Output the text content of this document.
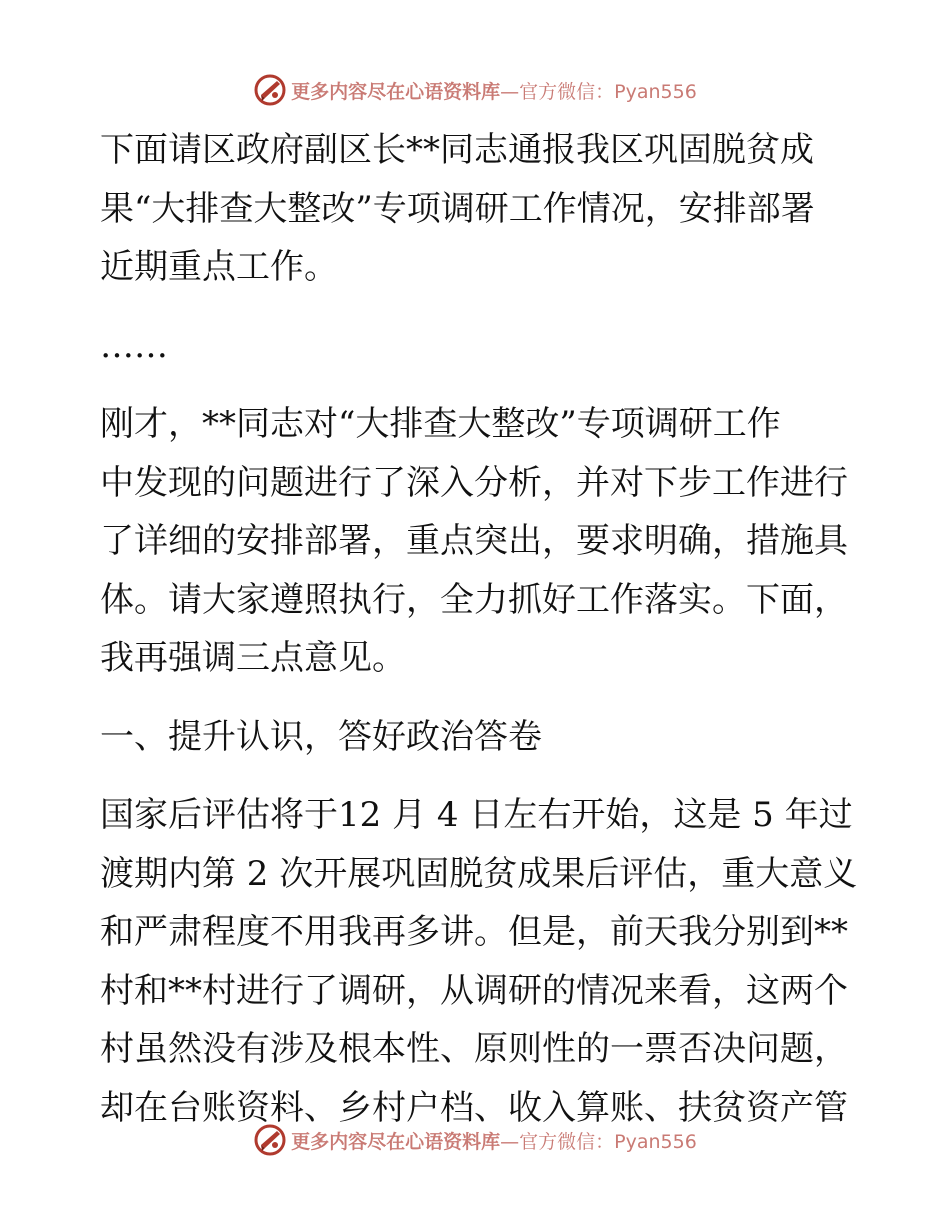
更多内容尽在心语资料库 —官方微信：Pyan556
下面请区政府副区长**同志通报我区巩固脱贫成
果“大排查大整改”专项调研工作情况，安排部署
近期重点工作。
……
刚才，**同志对“大排查大整改”专项调研工作
中发现的问题进行了深入分析，并对下步工作进行
了详细的安排部署，重点突出，要求明确，措施具
体。请大家遵照执行，全力抓好工作落实。下面，
我再强调三点意见。
一、提升认识，答好政治答卷
国家后评估将于12 月 4 日左右开始，这是 5 年过
渡期内第 2 次开展巩固脱贫成果后评估，重大意义
和严肃程度不用我再多讲。但是，前天我分别到**
村和**村进行了调研，从调研的情况来看，这两个
村虽然没有涉及根本性、原则性的一票否决问题，
却在台账资料、乡村户档、收入算账、扶贫资产管
更多内容尽在心语资料库 —官方微信：Pyan556
